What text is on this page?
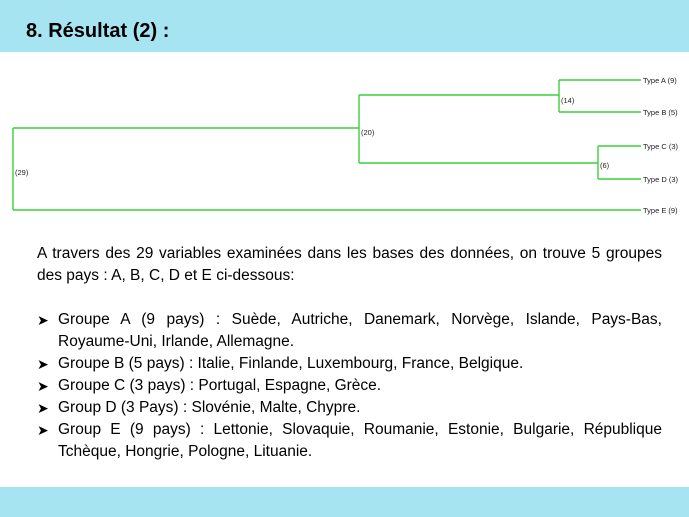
8. Résultat (2) :
(29)
(20)
(14)
(6)
Type A (9)
Type B (5)
Type C (3)
Type D (3)
Type E (9)

A travers des 29 variables examinées dans les bases des données, on trouve 5 groupes des pays : A, B, C, D et E ci-dessous:

➤ Groupe A (9 pays) : Suède, Autriche, Danemark, Norvège, Islande, Pays-Bas, Royaume-Uni, Irlande, Allemagne.
➤ Groupe B (5 pays) : Italie, Finlande, Luxembourg, France, Belgique.
➤ Groupe C (3 pays) : Portugal, Espagne, Grèce.
➤ Group D (3 Pays) : Slovénie, Malte, Chypre.
➤ Group E (9 pays) : Lettonie, Slovaquie, Roumanie, Estonie, Bulgarie, République Tchèque, Hongrie, Pologne, Lituanie.
